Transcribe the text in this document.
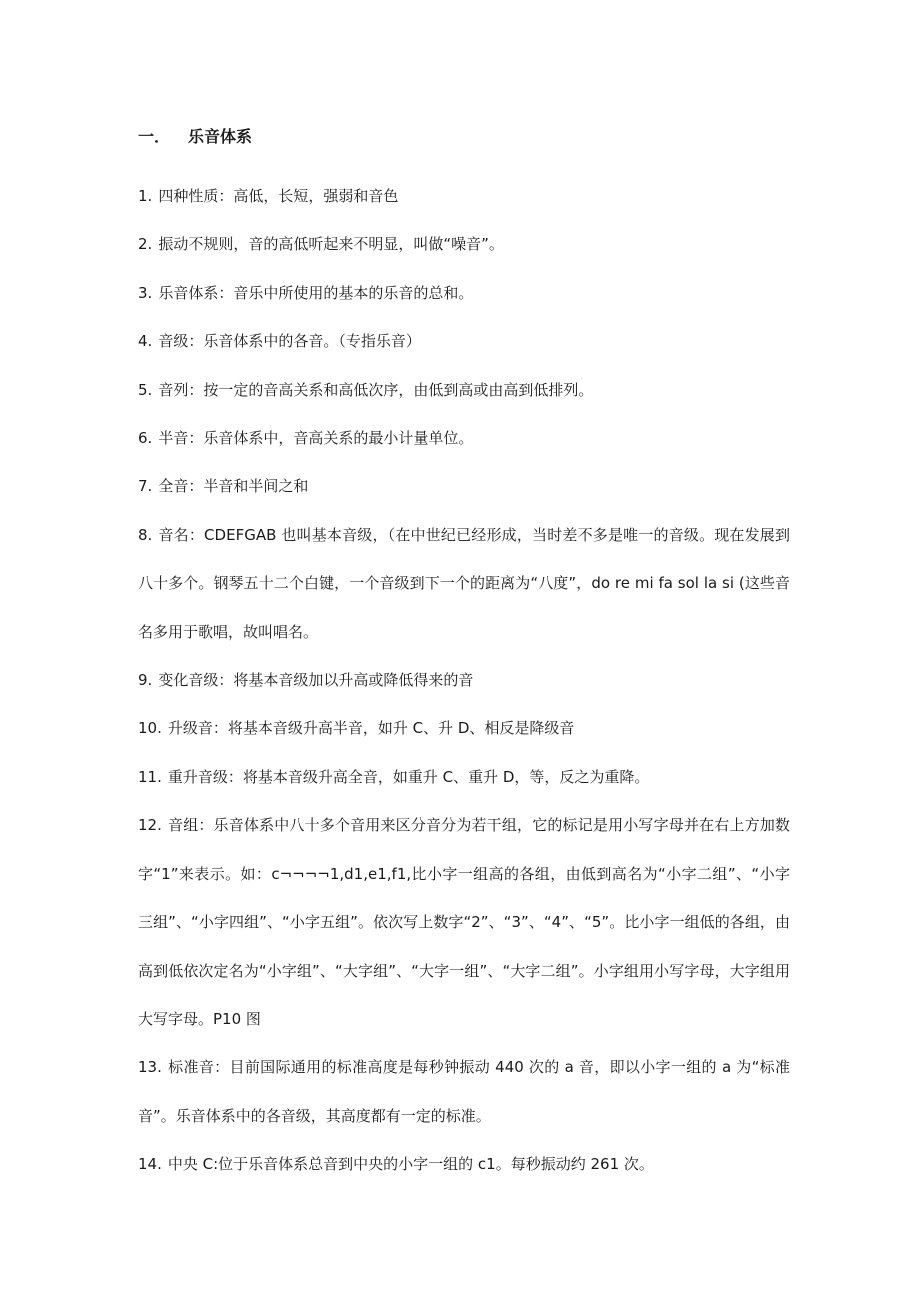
一． 乐音体系
1. 四种性质：高低，长短，强弱和音色
2. 振动不规则，音的高低听起来不明显，叫做“噪音”。
3. 乐音体系：音乐中所使用的基本的乐音的总和。
4. 音级：乐音体系中的各音。（专指乐音）
5. 音列：按一定的音高关系和高低次序，由低到高或由高到低排列。
6. 半音：乐音体系中，音高关系的最小计量单位。
7. 全音：半音和半间之和
8. 音名：CDEFGAB 也叫基本音级，（在中世纪已经形成，当时差不多是唯一的音级。现在发展到八十多个。钢琴五十二个白键，一个音级到下一个的距离为“八度”，do re mi fa sol la si (这些音名多用于歌唱，故叫唱名。
9. 变化音级：将基本音级加以升高或降低得来的音
10. 升级音：将基本音级升高半音，如升 C、升 D、相反是降级音
11. 重升音级：将基本音级升高全音，如重升 C、重升 D，等，反之为重降。
12. 音组：乐音体系中八十多个音用来区分音分为若干组，它的标记是用小写字母并在右上方加数字“1”来表示。如：c¬¬¬¬1,d1,e1,f1,比小字一组高的各组，由低到高名为“小字二组”、“小字三组”、“小字四组”、“小字五组”。依次写上数字“2”、“3”、“4”、“5”。比小字一组低的各组，由高到低依次定名为“小字组”、“大字组”、“大字一组”、“大字二组”。小字组用小写字母，大字组用大写字母。P10 图
13. 标准音：目前国际通用的标准高度是每秒钟振动 440 次的 a 音，即以小字一组的 a 为“标准音”。乐音体系中的各音级，其高度都有一定的标准。
14. 中央 C:位于乐音体系总音到中央的小字一组的 c1。每秒振动约 261 次。
